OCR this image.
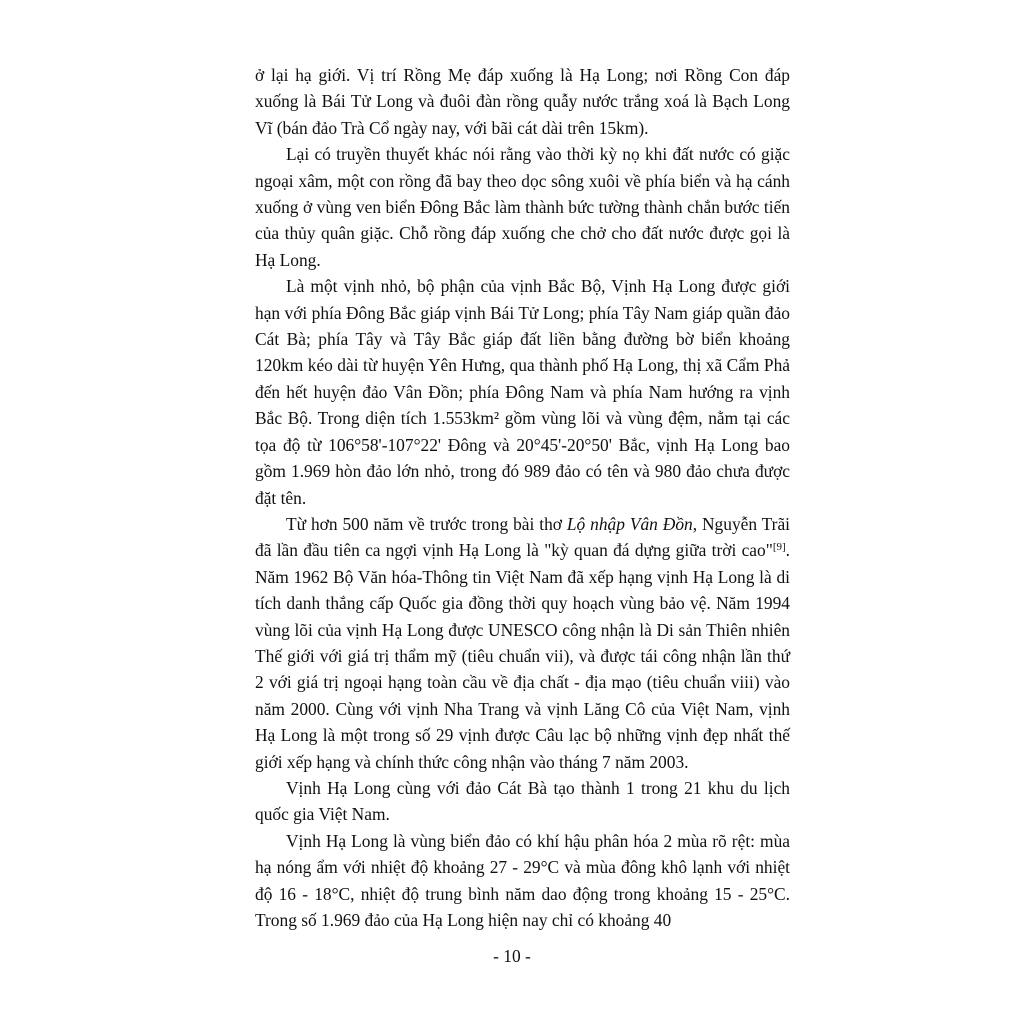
ở lại hạ giới. Vị trí Rồng Mẹ đáp xuống là Hạ Long; nơi Rồng Con đáp xuống là Bái Tử Long và đuôi đàn rồng quẫy nước trắng xoá là Bạch Long Vĩ (bán đảo Trà Cổ ngày nay, với bãi cát dài trên 15km).

Lại có truyền thuyết khác nói rằng vào thời kỳ nọ khi đất nước có giặc ngoại xâm, một con rồng đã bay theo dọc sông xuôi về phía biển và hạ cánh xuống ở vùng ven biển Đông Bắc làm thành bức tường thành chắn bước tiến của thủy quân giặc. Chỗ rồng đáp xuống che chở cho đất nước được gọi là Hạ Long.

Là một vịnh nhỏ, bộ phận của vịnh Bắc Bộ, Vịnh Hạ Long được giới hạn với phía Đông Bắc giáp vịnh Bái Tử Long; phía Tây Nam giáp quần đảo Cát Bà; phía Tây và Tây Bắc giáp đất liền bằng đường bờ biển khoảng 120km kéo dài từ huyện Yên Hưng, qua thành phố Hạ Long, thị xã Cẩm Phả đến hết huyện đảo Vân Đồn; phía Đông Nam và phía Nam hướng ra vịnh Bắc Bộ. Trong diện tích 1.553km² gồm vùng lõi và vùng đệm, nằm tại các tọa độ từ 106°58'-107°22' Đông và 20°45'-20°50' Bắc, vịnh Hạ Long bao gồm 1.969 hòn đảo lớn nhỏ, trong đó 989 đảo có tên và 980 đảo chưa được đặt tên.

Từ hơn 500 năm về trước trong bài thơ Lộ nhập Vân Đồn, Nguyễn Trãi đã lần đầu tiên ca ngợi vịnh Hạ Long là "kỳ quan đá dựng giữa trời cao"[9]. Năm 1962 Bộ Văn hóa-Thông tin Việt Nam đã xếp hạng vịnh Hạ Long là di tích danh thắng cấp Quốc gia đồng thời quy hoạch vùng bảo vệ. Năm 1994 vùng lõi của vịnh Hạ Long được UNESCO công nhận là Di sản Thiên nhiên Thế giới với giá trị thẩm mỹ (tiêu chuẩn vii), và được tái công nhận lần thứ 2 với giá trị ngoại hạng toàn cầu về địa chất - địa mạo (tiêu chuẩn viii) vào năm 2000. Cùng với vịnh Nha Trang và vịnh Lăng Cô của Việt Nam, vịnh Hạ Long là một trong số 29 vịnh được Câu lạc bộ những vịnh đẹp nhất thế giới xếp hạng và chính thức công nhận vào tháng 7 năm 2003.

Vịnh Hạ Long cùng với đảo Cát Bà tạo thành 1 trong 21 khu du lịch quốc gia Việt Nam.

Vịnh Hạ Long là vùng biển đảo có khí hậu phân hóa 2 mùa rõ rệt: mùa hạ nóng ẩm với nhiệt độ khoảng 27 - 29°C và mùa đông khô lạnh với nhiệt độ 16 - 18°C, nhiệt độ trung bình năm dao động trong khoảng 15 - 25°C. Trong số 1.969 đảo của Hạ Long hiện nay chỉ có khoảng 40

- 10 -
